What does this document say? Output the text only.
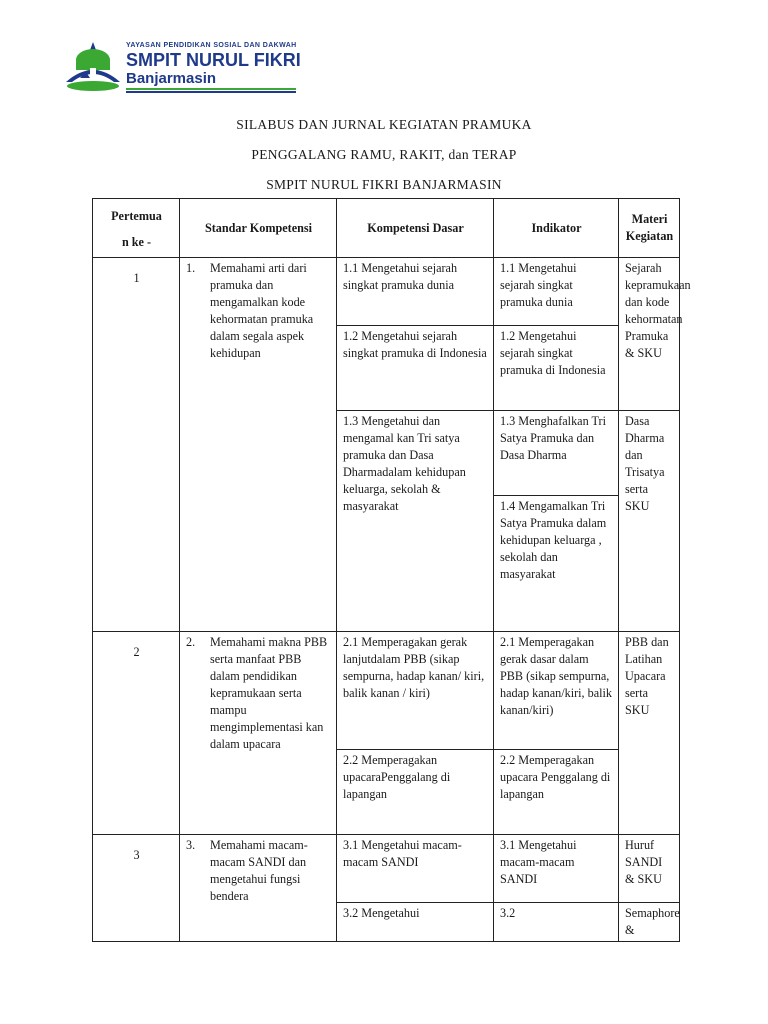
YAYASAN PENDIDIKAN SOSIAL DAN DAKWAH
SMPIT NURUL FIKRI
Banjarmasin
SILABUS DAN JURNAL KEGIATAN PRAMUKA
PENGGALANG RAMU, RAKIT, dan TERAP
SMPIT NURUL FIKRI BANJARMASIN
Pertemua
n ke -	Standar Kompetensi	Kompetensi Dasar	Indikator	Materi Kegiatan
1	1. Memahami arti dari pramuka dan mengamalkan kode kehormatan pramuka dalam segala aspek kehidupan	1.1 Mengetahui sejarah singkat pramuka dunia	1.1 Mengetahui sejarah singkat pramuka dunia	Sejarah kepramukaan dan kode kehormatan Pramuka & SKU
		1.2 Mengetahui sejarah singkat pramuka di Indonesia	1.2 Mengetahui sejarah singkat pramuka di Indonesia	
		1.3 Mengetahui dan mengamal kan Tri satya pramuka dan Dasa Dharmadalam kehidupan keluarga, sekolah & masyarakat	1.3 Menghafalkan Tri Satya Pramuka dan Dasa Dharma	Dasa Dharma dan Trisatya serta SKU
			1.4 Mengamalkan Tri Satya Pramuka dalam kehidupan keluarga , sekolah dan masyarakat	
2	2. Memahami makna PBB serta manfaat PBB dalam pendidikan kepramukaan serta mampu mengimplementasi kan dalam upacara	2.1 Memperagakan gerak lanjutdalam PBB (sikap sempurna, hadap kanan/ kiri, balik kanan / kiri)	2.1 Memperagakan gerak dasar dalam PBB (sikap sempurna, hadap kanan/kiri, balik kanan/kiri)	PBB dan Latihan Upacara serta SKU
		2.2 Memperagakan upacaraPenggalang di lapangan	2.2 Memperagakan upacara Penggalang di lapangan	
3	3. Memahami macam-macam SANDI dan mengetahui fungsi bendera	3.1 Mengetahui macam-macam SANDI	3.1 Mengetahui macam-macam SANDI	Huruf SANDI & SKU
		3.2 Mengetahui	3.2	Semaphore &
